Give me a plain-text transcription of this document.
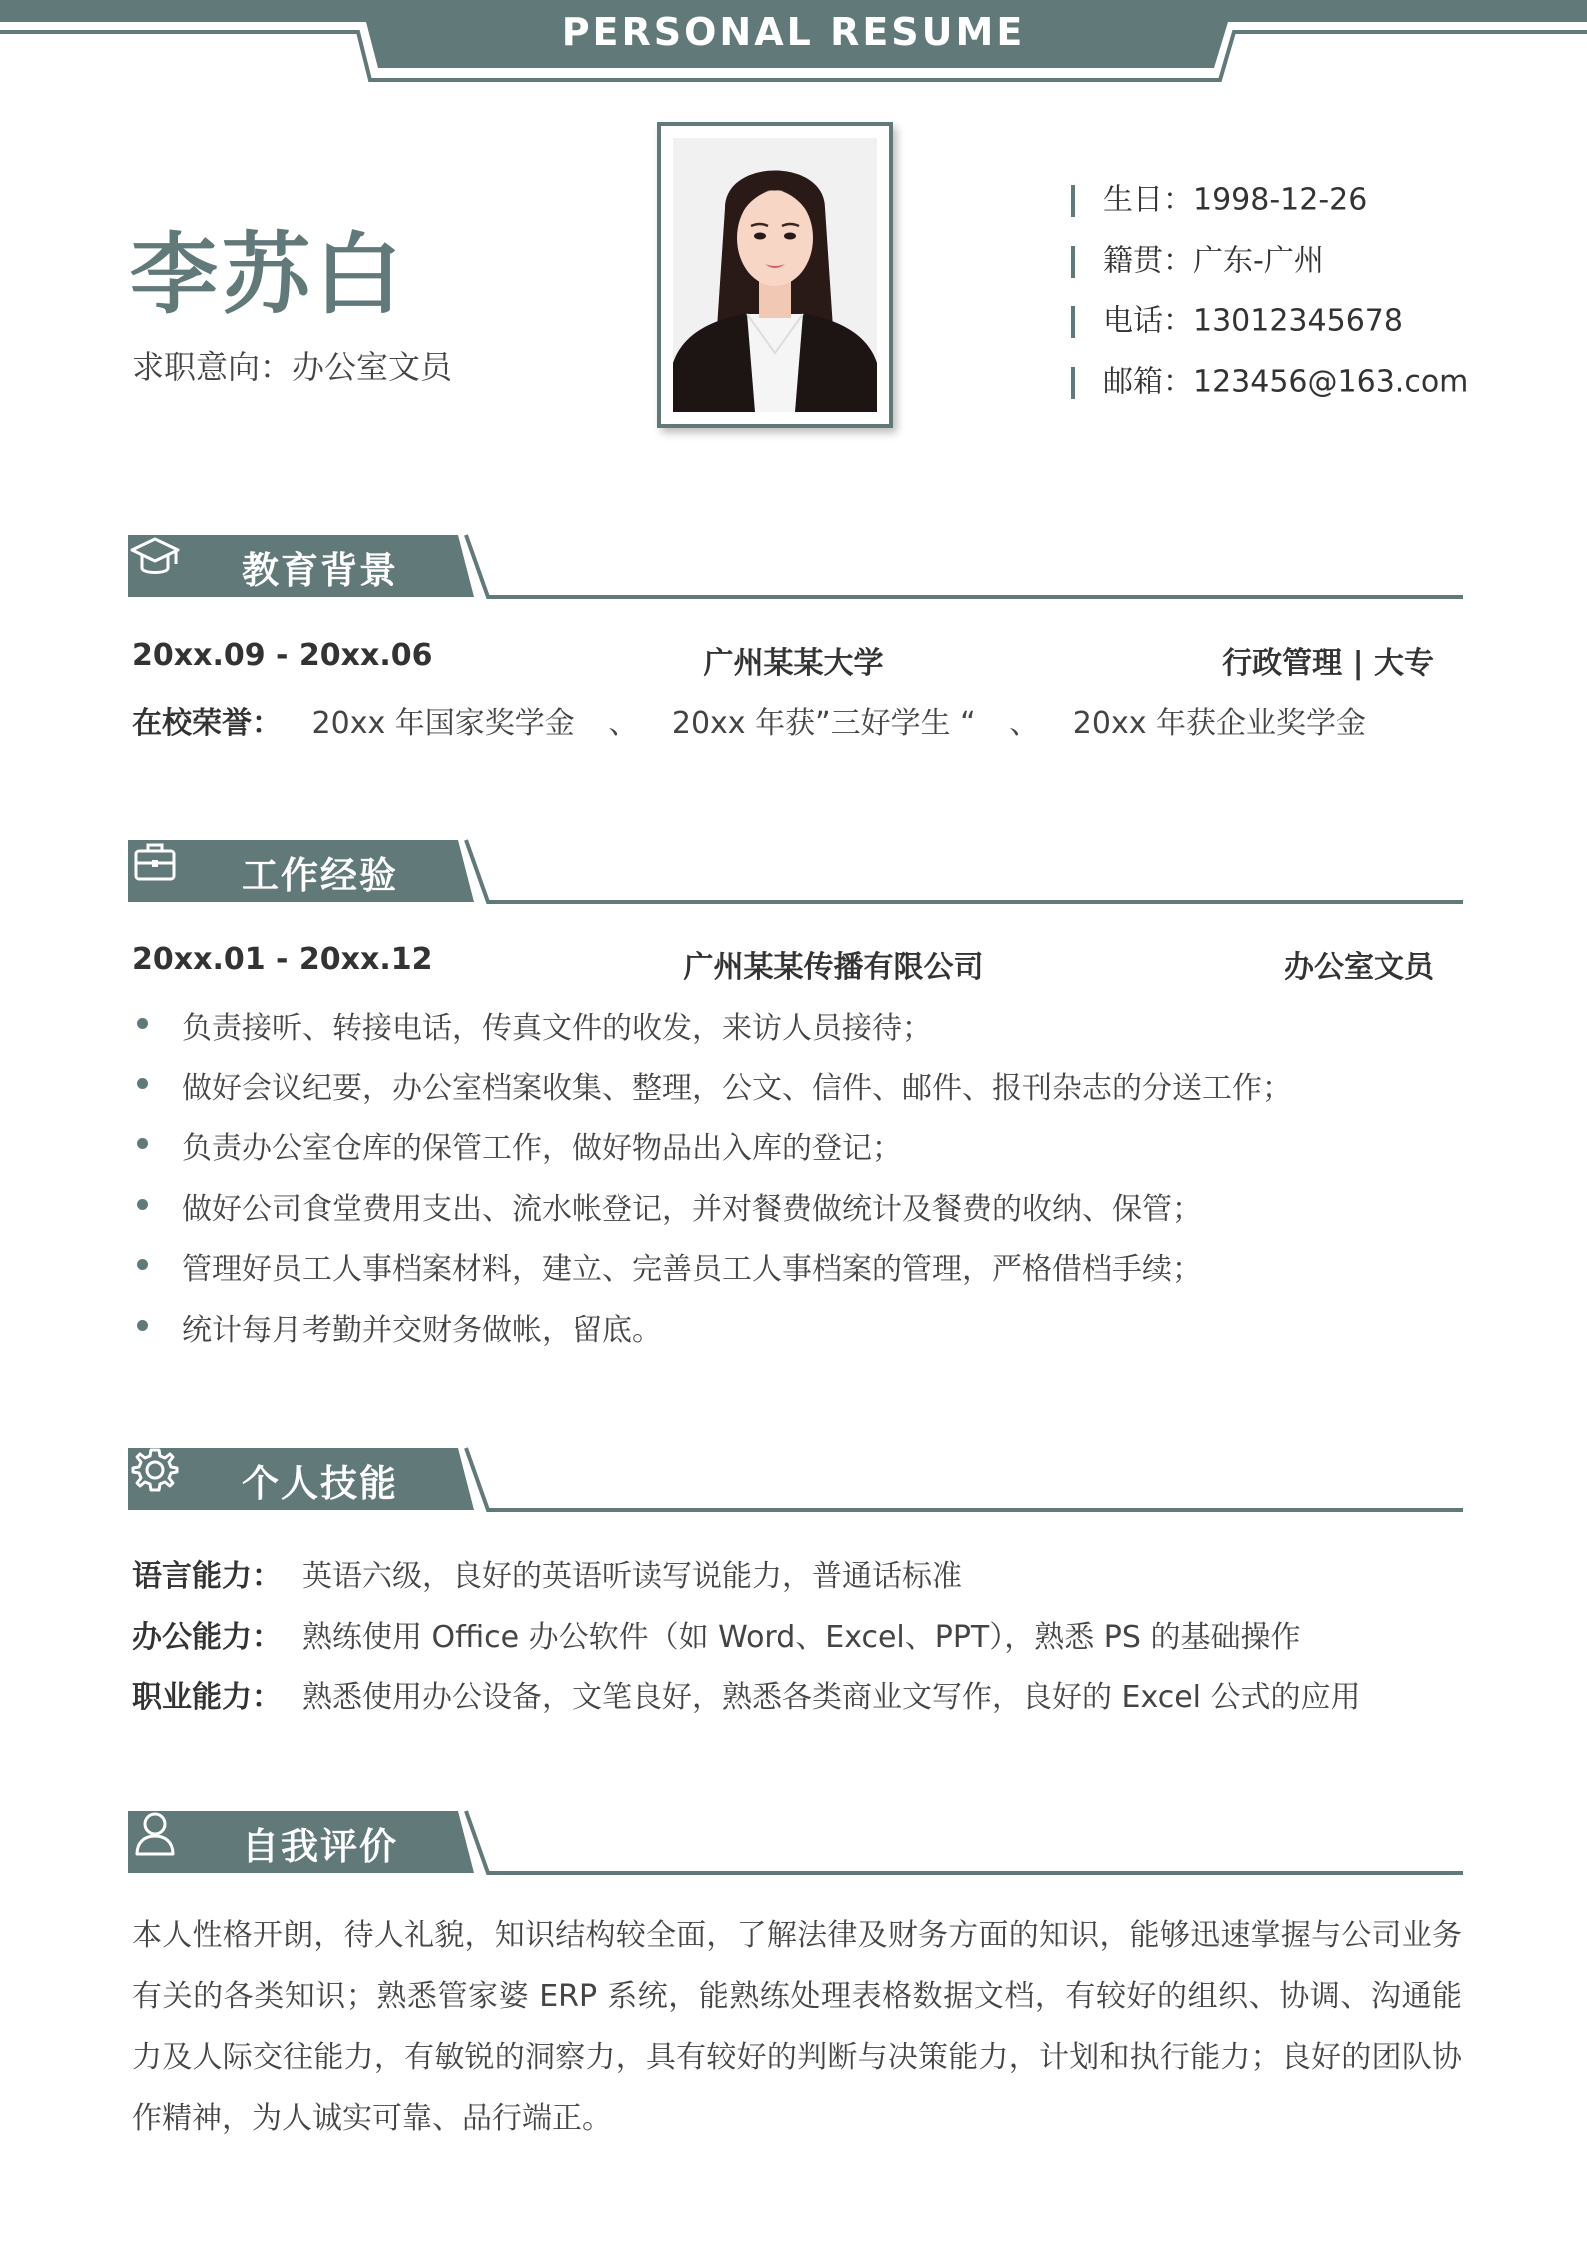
PERSONAL RESUME
李苏白
求职意向：办公室文员
生日：1998-12-26
籍贯：广东-广州
电话：13012345678
邮箱：123456@163.com
教育背景
20xx.09 - 20xx.06	广州某某大学	行政管理 | 大专
在校荣誉： 20xx 年国家奖学金 、 20xx 年获”三好学生 “ 、 20xx 年获企业奖学金
工作经验
20xx.01 - 20xx.12	广州某某传播有限公司	办公室文员
负责接听、转接电话，传真文件的收发，来访人员接待；
做好会议纪要，办公室档案收集、整理，公文、信件、邮件、报刊杂志的分送工作；
负责办公室仓库的保管工作，做好物品出入库的登记；
做好公司食堂费用支出、流水帐登记，并对餐费做统计及餐费的收纳、保管；
管理好员工人事档案材料，建立、完善员工人事档案的管理，严格借档手续；
统计每月考勤并交财务做帐，留底。
个人技能
语言能力： 英语六级，良好的英语听读写说能力，普通话标准
办公能力： 熟练使用 Office 办公软件（如 Word、Excel、PPT），熟悉 PS 的基础操作
职业能力： 熟悉使用办公设备，文笔良好，熟悉各类商业文写作，良好的 Excel 公式的应用
自我评价
本人性格开朗，待人礼貌，知识结构较全面，了解法律及财务方面的知识，能够迅速掌握与公司业务有关的各类知识；熟悉管家婆 ERP 系统，能熟练处理表格数据文档，有较好的组织、协调、沟通能力及人际交往能力，有敏锐的洞察力，具有较好的判断与决策能力，计划和执行能力；良好的团队协作精神，为人诚实可靠、品行端正。
